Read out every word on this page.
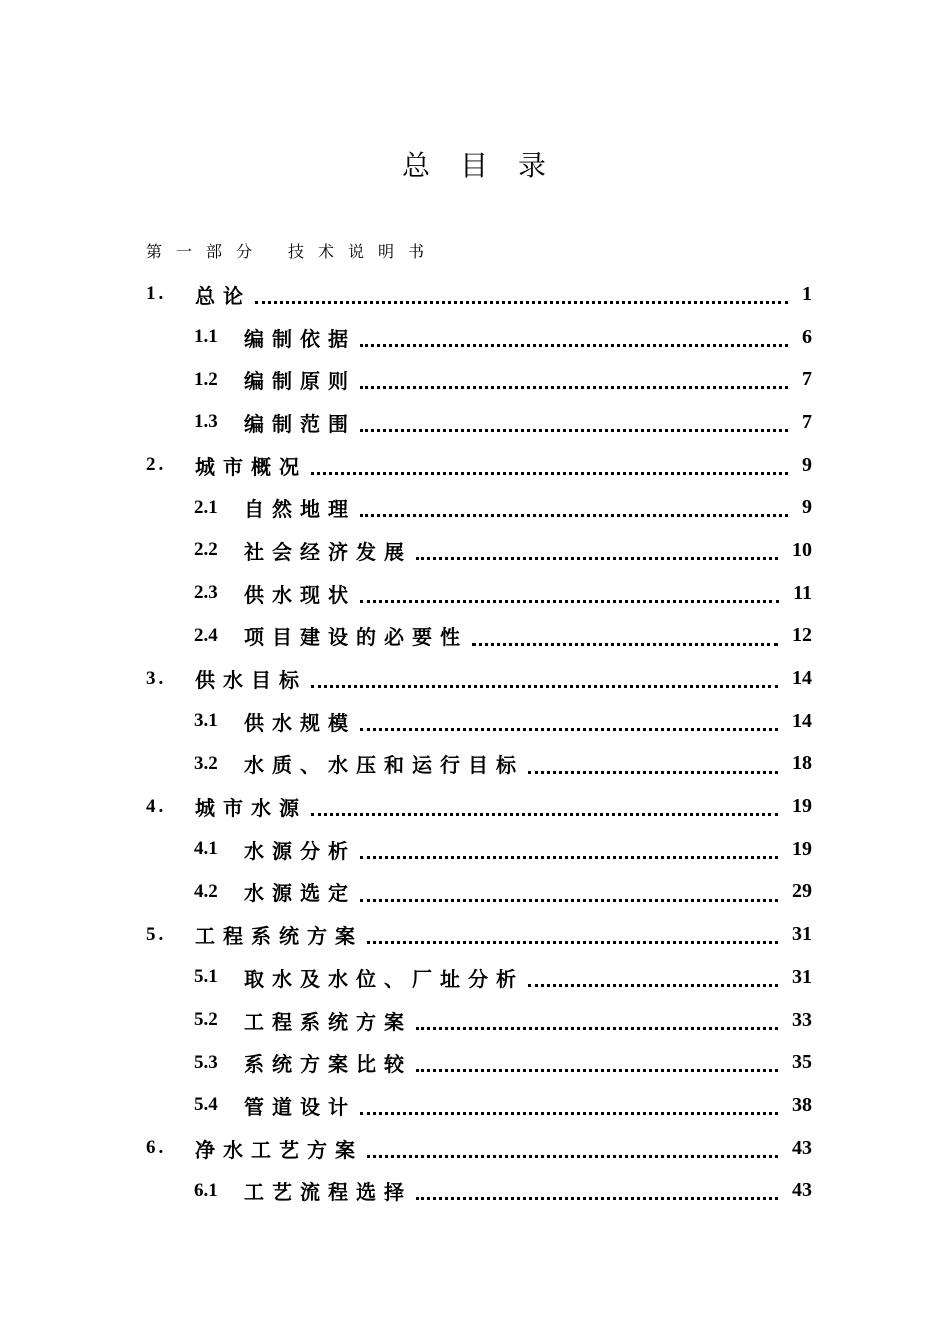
总目录
第一部分 技术说明书
1. 总论	1
1.1 编制依据	6
1.2 编制原则	7
1.3 编制范围	7
2. 城市概况	9
2.1 自然地理	9
2.2 社会经济发展	10
2.3 供水现状	11
2.4 项目建设的必要性	12
3. 供水目标	14
3.1 供水规模	14
3.2 水质、水压和运行目标	18
4. 城市水源	19
4.1 水源分析	19
4.2 水源选定	29
5. 工程系统方案	31
5.1 取水及水位、厂址分析	31
5.2 工程系统方案	33
5.3 系统方案比较	35
5.4 管道设计	38
6. 净水工艺方案	43
6.1 工艺流程选择	43
